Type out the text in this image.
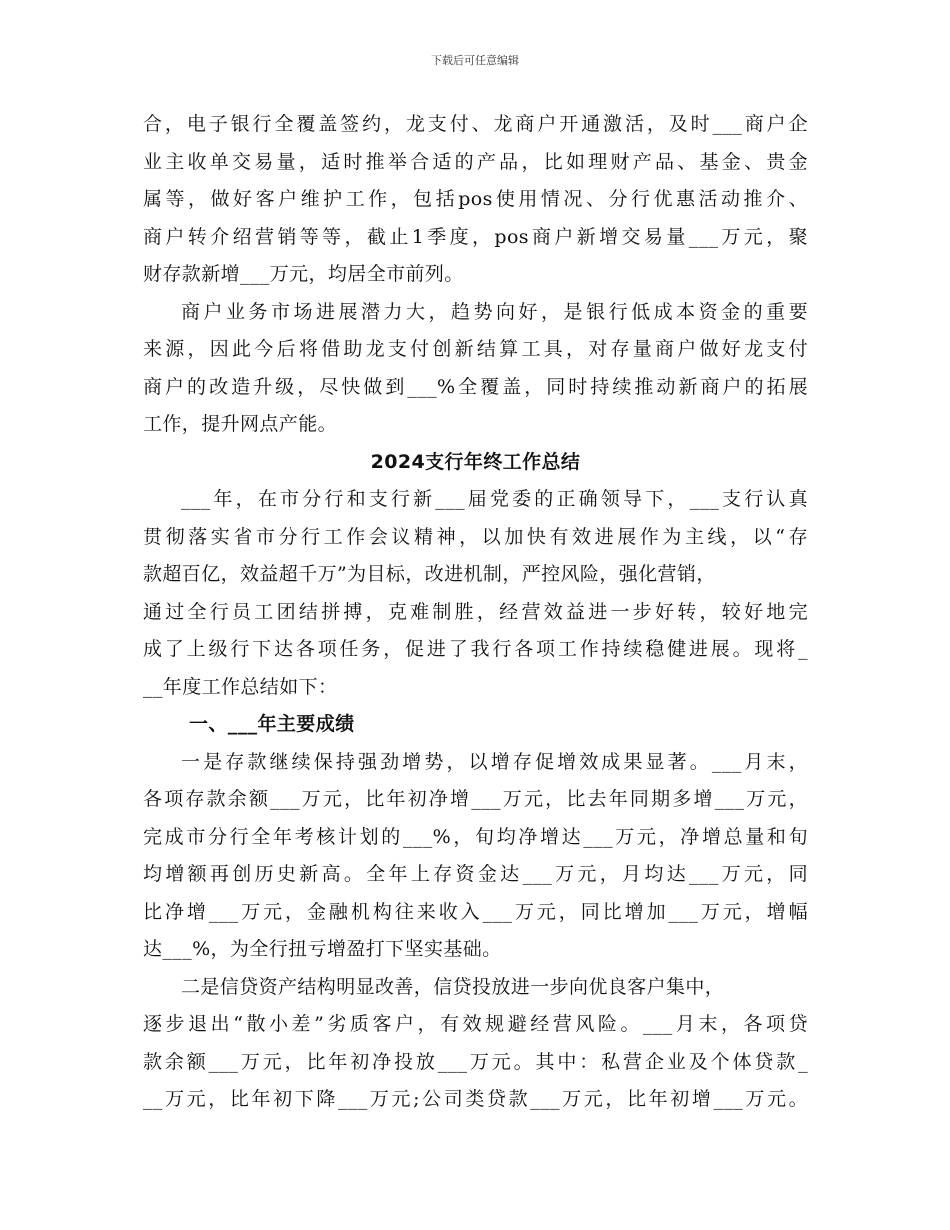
下载后可任意编辑
合，电子银行全覆盖签约，龙支付、龙商户开通激活，及时___商户企
业主收单交易量，适时推举合适的产品，比如理财产品、基金、贵金
属等，做好客户维护工作，包括pos使用情况、分行优惠活动推介、
商户转介绍营销等等，截止1季度，pos商户新增交易量___万元，聚
财存款新增___万元，均居全市前列。
商户业务市场进展潜力大，趋势向好，是银行低成本资金的重要
来源，因此今后将借助龙支付创新结算工具，对存量商户做好龙支付
商户的改造升级，尽快做到___%全覆盖，同时持续推动新商户的拓展
工作，提升网点产能。
2024支行年终工作总结
___年，在市分行和支行新___届党委的正确领导下，___支行认真
贯彻落实省市分行工作会议精神，以加快有效进展作为主线，以“存
款超百亿，效益超千万”为目标，改进机制，严控风险，强化营销，
通过全行员工团结拼搏，克难制胜，经营效益进一步好转，较好地完
成了上级行下达各项任务，促进了我行各项工作持续稳健进展。现将_
__年度工作总结如下：
一、___年主要成绩
一是存款继续保持强劲增势，以增存促增效成果显著。___月末，
各项存款余额___万元，比年初净增___万元，比去年同期多增___万元，
完成市分行全年考核计划的___%，旬均净增达___万元，净增总量和旬
均增额再创历史新高。全年上存资金达___万元，月均达___万元，同
比净增___万元，金融机构往来收入___万元，同比增加___万元，增幅
达___%，为全行扭亏增盈打下坚实基础。
二是信贷资产结构明显改善，信贷投放进一步向优良客户集中，
逐步退出“散小差”劣质客户，有效规避经营风险。___月末，各项贷
款余额___万元，比年初净投放___万元。其中：私营企业及个体贷款_
__万元，比年初下降___万元;公司类贷款___万元，比年初增___万元。
